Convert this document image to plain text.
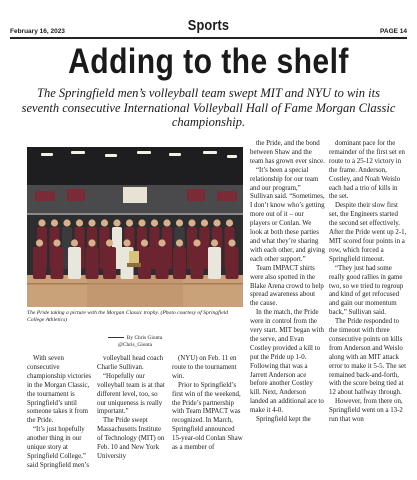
February 16, 2023	Sports	PAGE 14
Adding to the shelf
The Springfield men’s volleyball team swept MIT and NYU to win its seventh consecutive International Volleyball Hall of Fame Morgan Classic championship.
The Pride taking a picture with the Morgan Classic trophy. (Photo courtesy of Springfield College Athletics)
By Chris Gionta
@Chris_Gionta

With seven consecutive championship victories in the Morgan Classic, the tournament is Springfield’s until someone takes it from the Pride.

“It’s just hopefully another thing in our unique story at Springfield College,” said Springfield men’s

volleyball head coach Charlie Sullivan.

“Hopefully our volleyball team is at that different level, too, so our uniqueness is really important.”

The Pride swept Massachusetts Institute of Technology (MIT) on Feb. 10 and New York University

(NYU) on Feb. 11 en route to the tournament win.

Prior to Springfield’s first win of the weekend, the Pride’s partnership with Team IMPACT was recognized. In March, Springfield announced 15-year-old Conlan Shaw as a member of

the Pride, and the bond between Shaw and the team has grown ever since.

“It’s been a special relationship for our team and our program,” Sullivan said. “Sometimes, I don’t know who’s getting more out of it – our players or Conlan. We look at both these parties and what they’re sharing with each other, and giving each other support.”

Team IMPACT shirts were also spotted in the Blake Arena crowd to help spread awareness about the cause.

In the match, the Pride were in control from the very start. MIT began with the serve, and Evan Costley provided a kill to put the Pride up 1-0. Following that was a Jarrett Anderson ace before another Costley kill. Next, Anderson landed an additional ace to make it 4-0.

Springfield kept the

dominant pace for the remainder of the first set en route to a 25-12 victory in the frame. Anderson, Costley, and Noah Weislo each had a trio of kills in the set.

Despite their slow first set, the Engineers started the second set effectively. After the Pride went up 2-1, MIT scored four points in a row, which forced a Springfield timeout.

“They just had some really good rallies in game two, so we tried to regroup and kind of get refocused and gain our momentum back,” Sullivan said.

The Pride responded to the timeout with three consecutive points on kills from Anderson and Weislo along with an MIT attack error to make it 5-5. The set remained back-and-forth, with the score being tied at 12 about halfway through.

However, from there on, Springfield went on a 13-2 run that won
